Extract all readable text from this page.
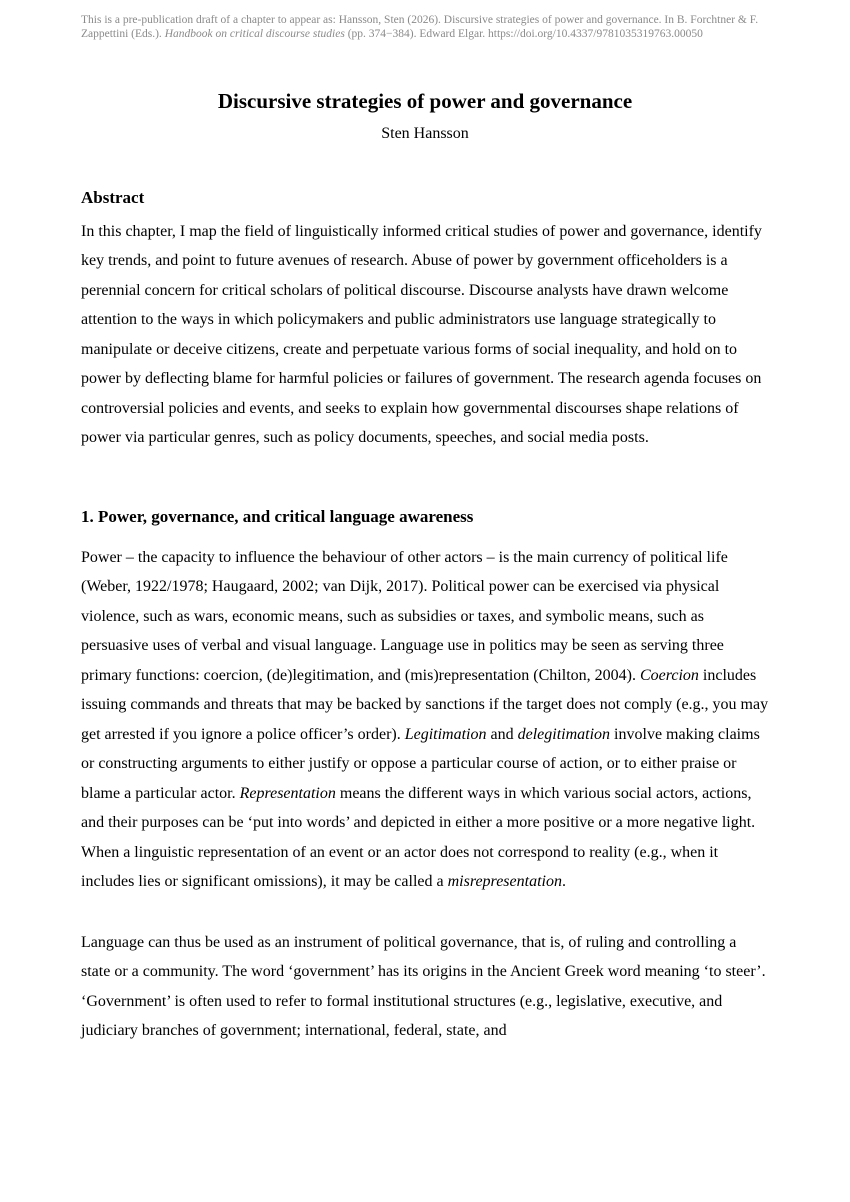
This is a pre-publication draft of a chapter to appear as: Hansson, Sten (2026). Discursive strategies of power and governance. In B. Forchtner & F. Zappettini (Eds.). Handbook on critical discourse studies (pp. 374−384). Edward Elgar. https://doi.org/10.4337/9781035319763.00050

Discursive strategies of power and governance
Sten Hansson
Abstract

In this chapter, I map the field of linguistically informed critical studies of power and governance, identify key trends, and point to future avenues of research. Abuse of power by government officeholders is a perennial concern for critical scholars of political discourse. Discourse analysts have drawn welcome attention to the ways in which policymakers and public administrators use language strategically to manipulate or deceive citizens, create and perpetuate various forms of social inequality, and hold on to power by deflecting blame for harmful policies or failures of government. The research agenda focuses on controversial policies and events, and seeks to explain how governmental discourses shape relations of power via particular genres, such as policy documents, speeches, and social media posts.

1. Power, governance, and critical language awareness

Power – the capacity to influence the behaviour of other actors – is the main currency of political life (Weber, 1922/1978; Haugaard, 2002; van Dijk, 2017). Political power can be exercised via physical violence, such as wars, economic means, such as subsidies or taxes, and symbolic means, such as persuasive uses of verbal and visual language. Language use in politics may be seen as serving three primary functions: coercion, (de)legitimation, and (mis)representation (Chilton, 2004). Coercion includes issuing commands and threats that may be backed by sanctions if the target does not comply (e.g., you may get arrested if you ignore a police officer’s order). Legitimation and delegitimation involve making claims or constructing arguments to either justify or oppose a particular course of action, or to either praise or blame a particular actor. Representation means the different ways in which various social actors, actions, and their purposes can be ‘put into words’ and depicted in either a more positive or a more negative light. When a linguistic representation of an event or an actor does not correspond to reality (e.g., when it includes lies or significant omissions), it may be called a misrepresentation.

Language can thus be used as an instrument of political governance, that is, of ruling and controlling a state or a community. The word ‘government’ has its origins in the Ancient Greek word meaning ‘to steer’. ‘Government’ is often used to refer to formal institutional structures (e.g., legislative, executive, and judiciary branches of government; international, federal, state, and
